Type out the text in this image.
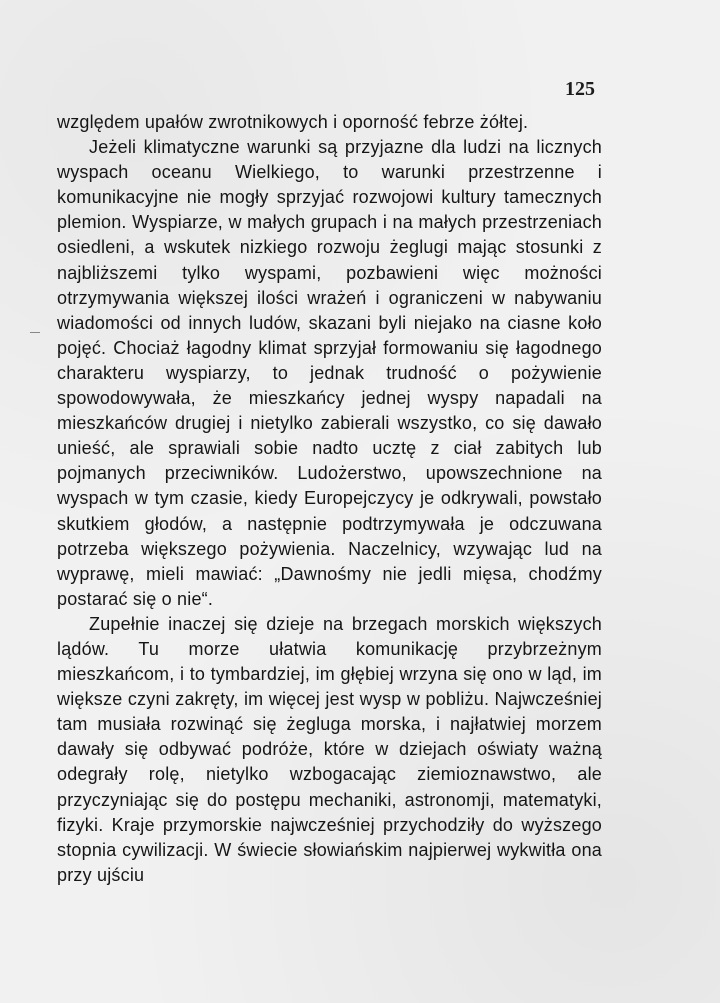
125

względem upałów zwrotnikowych i oporność febrze żółtej.

Jeżeli klimatyczne warunki są przyjazne dla ludzi na licznych wyspach oceanu Wielkiego, to warunki przestrzenne i komunikacyjne nie mogły sprzyjać rozwojowi kultury tamecznych plemion. Wyspiarze, w małych grupach i na małych przestrzeniach osiedleni, a wskutek nizkiego rozwoju żeglugi mając stosunki z najbliższemi tylko wyspami, pozbawieni więc możności otrzymywania większej ilości wrażeń i ograniczeni w nabywaniu wiadomości od innych ludów, skazani byli niejako na ciasne koło pojęć. Chociaż łagodny klimat sprzyjał formowaniu się łagodnego charakteru wyspiarzy, to jednak trudność o pożywienie spowodowywała, że mieszkańcy jednej wyspy napadali na mieszkańców drugiej i nietylko zabierali wszystko, co się dawało unieść, ale sprawiali sobie nadto ucztę z ciał zabitych lub pojmanych przeciwników. Ludożerstwo, upowszechnione na wyspach w tym czasie, kiedy Europejczycy je odkrywali, powstało skutkiem głodów, a następnie podtrzymywała je odczuwana potrzeba większego pożywienia. Naczelnicy, wzywając lud na wyprawę, mieli mawiać: „Dawnośmy nie jedli mięsa, chodźmy postarać się o nie“.

Zupełnie inaczej się dzieje na brzegach morskich większych lądów. Tu morze ułatwia komunikację przybrzeżnym mieszkańcom, i to tymbardziej, im głębiej wrzyna się ono w ląd, im większe czyni zakręty, im więcej jest wysp w pobliżu. Najwcześniej tam musiała rozwinąć się żegluga morska, i najłatwiej morzem dawały się odbywać podróże, które w dziejach oświaty ważną odegrały rolę, nietylko wzbogacając ziemioznawstwo, ale przyczyniając się do postępu mechaniki, astronomji, matematyki, fizyki. Kraje przymorskie najwcześniej przychodziły do wyższego stopnia cywilizacji. W świecie słowiańskim najpierwej wykwitła ona przy ujściu
